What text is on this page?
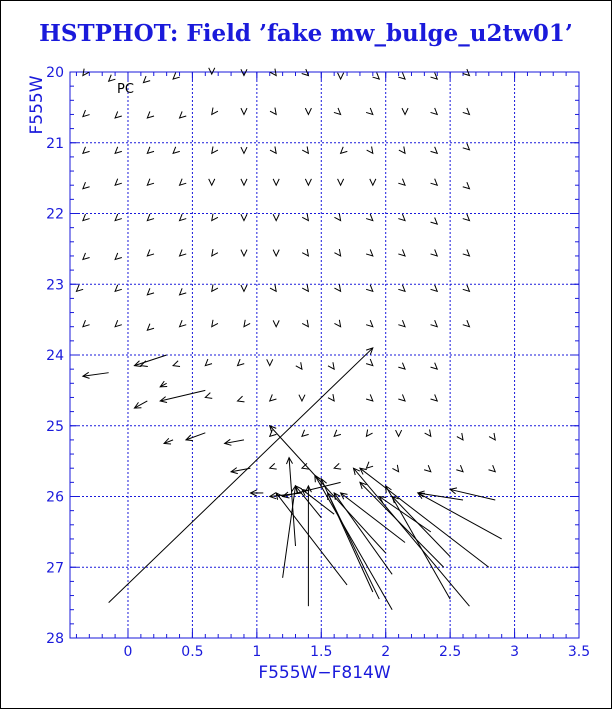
HSTPHOT: Field ’fake mw_bulge_u2tw01’
0	0.5	1	1.5	2	2.5	3	3.5
20
21
22
23
24
25
26
27
28
PC
F555W−F814W
F555W
